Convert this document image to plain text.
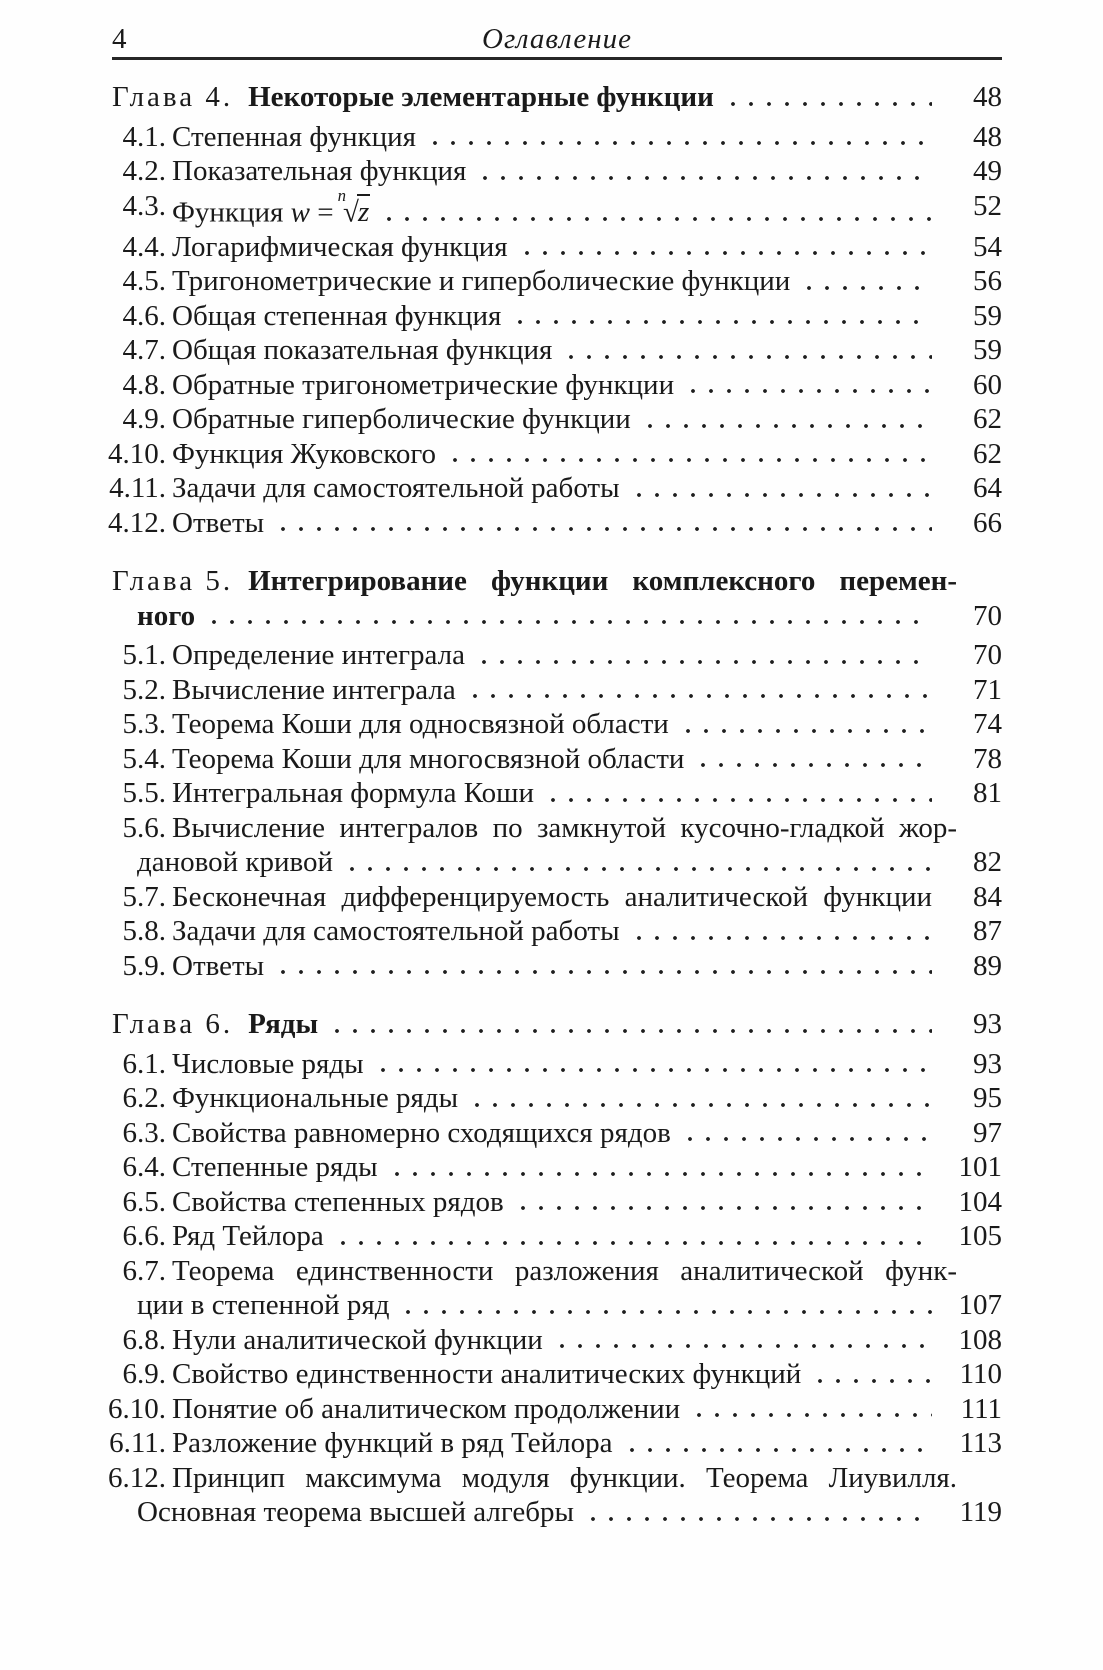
4	Оглавление
Глава 4. Некоторые элементарные функции	48
4.1. Степенная функция	48
4.2. Показательная функция	49
4.3. Функция w =$^n$√z	52
4.4. Логарифмическая функция	54
4.5. Тригонометрические и гиперболические функции	56
4.6. Общая степенная функция	59
4.7. Общая показательная функция	59
4.8. Обратные тригонометрические функции	60
4.9. Обратные гиперболические функции	62
4.10. Функция Жуковского	62
4.11. Задачи для самостоятельной работы	64
4.12. Ответы	66
Глава 5. Интегрирование функции комплексного перемен-
ного	70
5.1. Определение интеграла	70
5.2. Вычисление интеграла	71
5.3. Теорема Коши для односвязной области	74
5.4. Теорема Коши для многосвязной области	78
5.5. Интегральная формула Коши	81
5.6. Вычисление интегралов по замкнутой кусочно-гладкой жор-
дановой кривой	82
5.7. Бесконечная дифференцируемость аналитической функции	84
5.8. Задачи для самостоятельной работы	87
5.9. Ответы	89
Глава 6. Ряды	93
6.1. Числовые ряды	93
6.2. Функциональные ряды	95
6.3. Свойства равномерно сходящихся рядов	97
6.4. Степенные ряды	101
6.5. Свойства степенных рядов	104
6.6. Ряд Тейлора	105
6.7. Теорема единственности разложения аналитической функ-
ции в степенной ряд	107
6.8. Нули аналитической функции	108
6.9. Свойство единственности аналитических функций	110
6.10. Понятие об аналитическом продолжении	111
6.11. Разложение функций в ряд Тейлора	113
6.12. Принцип максимума модуля функции. Теорема Лиувилля.
Основная теорема высшей алгебры	119
